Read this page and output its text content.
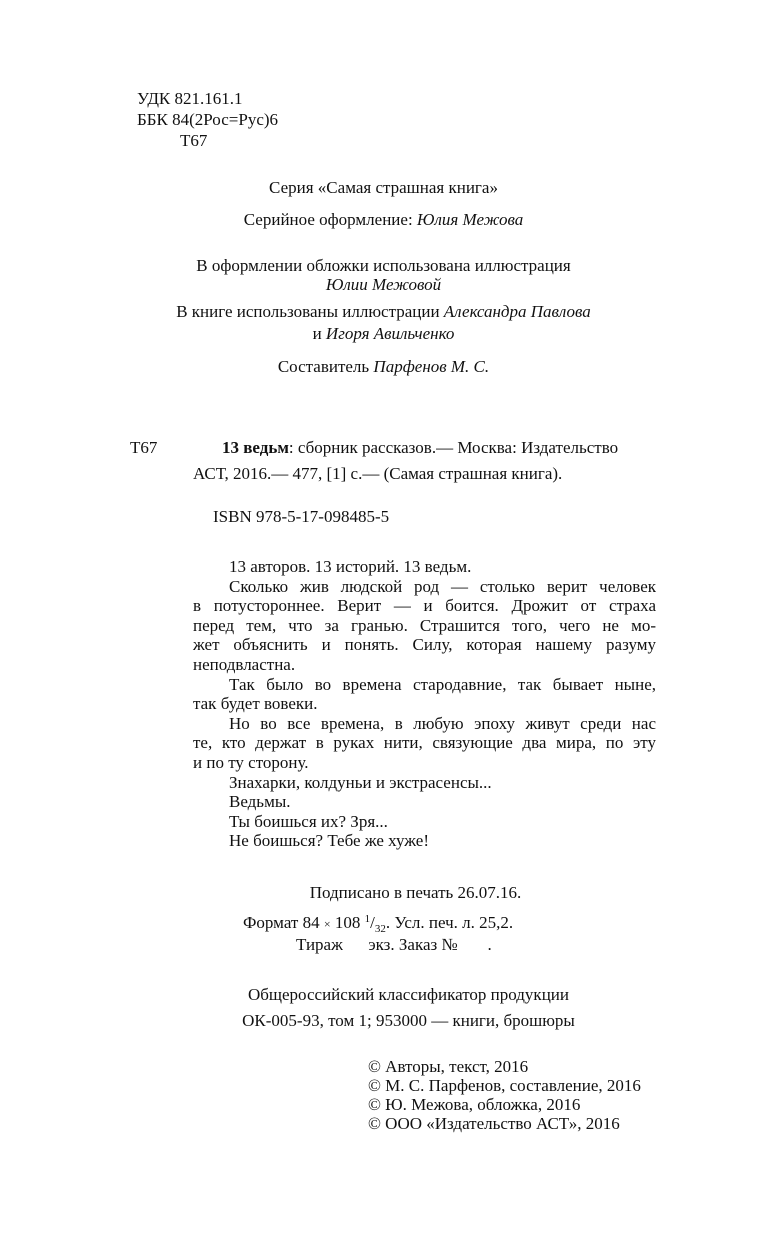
УДК 821.161.1
ББК 84(2Рос=Рус)6
Т67
Серия «Самая страшная книга»
Серийное оформление: Юлия Межова
В оформлении обложки использована иллюстрация
Юлии Межовой
В книге использованы иллюстрации Александра Павлова
и Игоря Авильченко
Составитель Парфенов М. С.
Т67	13 ведьм: сборник рассказов.— Москва: Издательство
АСТ, 2016.— 477, [1] с.— (Самая страшная книга).
ISBN 978-5-17-098485-5

13 авторов. 13 историй. 13 ведьм.

Сколько жив людской род — столько верит человек

в потустороннее. Верит — и боится. Дрожит от страха

перед тем, что за гранью. Страшится того, чего не мо-

жет объяснить и понять. Силу, которая нашему разуму

неподвластна.

Так было во времена стародавние, так бывает ныне,

так будет вовеки.

Но во все времена, в любую эпоху живут среди нас

те, кто держат в руках нити, связующие два мира, по эту

и по ту сторону.

Знахарки, колдуньи и экстрасенсы...

Ведьмы.

Ты боишься их? Зря...

Не боишься? Тебе же хуже!

Подписано в печать 26.07.16.
Формат 84 × 108 $^1/_{32}$. Усл. печ. л. 25,2.
Тираж      экз. Заказ №       .
Общероссийский классификатор продукции
ОК-005-93, том 1; 953000 — книги, брошюры
© Авторы, текст, 2016
© М. С. Парфенов, составление, 2016
© Ю. Межова, обложка, 2016
© ООО «Издательство АСТ», 2016
